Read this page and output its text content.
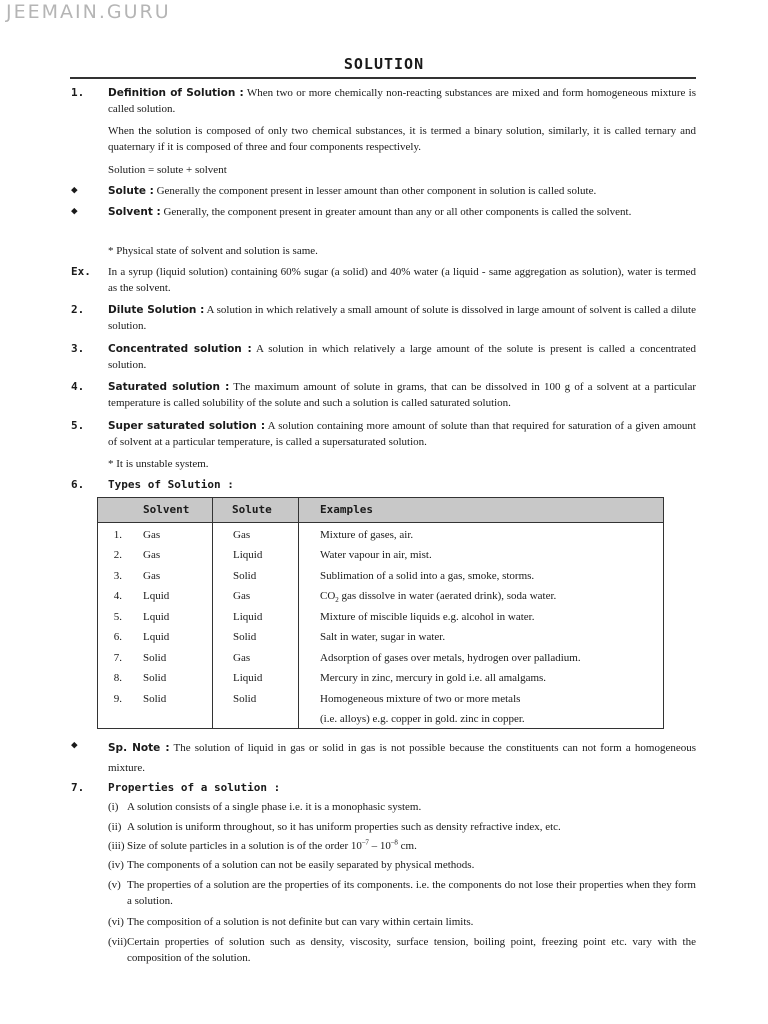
JEEMAIN.GURU
SOLUTION
1. Definition of Solution : When two or more chemically non-reacting substances are mixed and form homogeneous mixture is called solution.
When the solution is composed of only two chemical substances, it is termed a binary solution, similarly, it is called ternary and quaternary if it is composed of three and four components respectively.
Solution = solute + solvent
◆	Solute : Generally the component present in lesser amount than other component in solution is called solute.
◆	Solvent : Generally, the component present in greater amount than any or all other components is called the solvent.
* Physical state of solvent and solution is same.
Ex. In a syrup (liquid solution) containing 60% sugar (a solid) and 40% water (a liquid - same aggregation as solution), water is termed as the solvent.
2. Dilute Solution : A solution in which relatively a small amount of solute is dissolved in large amount of solvent is called a dilute solution.
3. Concentrated solution : A solution in which relatively a large amount of the solute is present is called a concentrated solution.
4. Saturated solution : The maximum amount of solute in grams, that can be dissolved in 100 g of a solvent at a particular temperature is called solubility of the solute and such a solution is called saturated solution.
5. Super saturated solution : A solution containing more amount of solute than that required for saturation of a given amount of solvent at a particular temperature, is called a supersaturated solution.
* It is unstable system.
6. Types of Solution :
Solvent	Solute	Examples
1. Gas	Gas	Mixture of gases, air.
2. Gas	Liquid	Water vapour in air, mist.
3. Gas	Solid	Sublimation of a solid into a gas, smoke, storms.
4. Lquid	Gas	$CO_2$ gas dissolve in water (aerated drink), soda water.
5. Lquid	Liquid	Mixture of miscible liquids e.g. alcohol in water.
6. Lquid	Solid	Salt in water, sugar in water.
7. Solid	Gas	Adsorption of gases over metals, hydrogen over palladium.
8. Solid	Liquid	Mercury in zinc, mercury in gold i.e. all amalgams.
9. Solid	Solid	Homogeneous mixture of two or more metals
(i.e. alloys) e.g. copper in gold. zinc in copper.
◆	Sp. Note : The solution of liquid in gas or solid in gas is not possible because the constituents can not form a homogeneous mixture.
7. Properties of a solution :
(i) A solution consists of a single phase i.e. it is a monophasic system.
(ii) A solution is uniform throughout, so it has uniform properties such as density refractive index, etc.
(iii) Size of solute particles in a solution is of the order $10^{-7} - 10^{-8}$ cm.
(iv) The components of a solution can not be easily separated by physical methods.
(v) The properties of a solution are the properties of its components. i.e. the components do not lose their properties when they form a solution.
(vi) The composition of a solution is not definite but can vary within certain limits.
(vii) Certain properties of solution such as density, viscosity, surface tension, boiling point, freezing point etc. vary with the composition of the solution.
